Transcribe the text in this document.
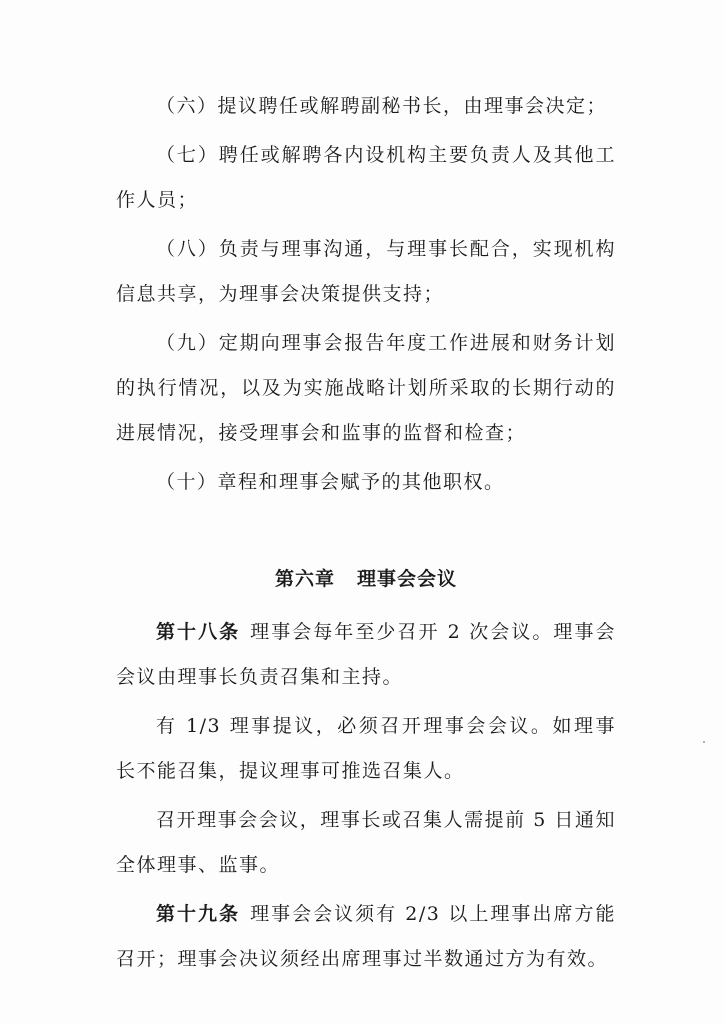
（六）提议聘任或解聘副秘书长，由理事会决定；

（七）聘任或解聘各内设机构主要负责人及其他工作人员；

（八）负责与理事沟通，与理事长配合，实现机构信息共享，为理事会决策提供支持；

（九）定期向理事会报告年度工作进展和财务计划的执行情况，以及为实施战略计划所采取的长期行动的进展情况，接受理事会和监事的监督和检查；

（十）章程和理事会赋予的其他职权。

第六章 理事会会议

第十八条 理事会每年至少召开 2 次会议。理事会会议由理事长负责召集和主持。

有 1/3 理事提议，必须召开理事会会议。如理事长不能召集，提议理事可推选召集人。

召开理事会会议，理事长或召集人需提前 5 日通知全体理事、监事。

第十九条 理事会会议须有 2/3 以上理事出席方能召开；理事会决议须经出席理事过半数通过方为有效。
